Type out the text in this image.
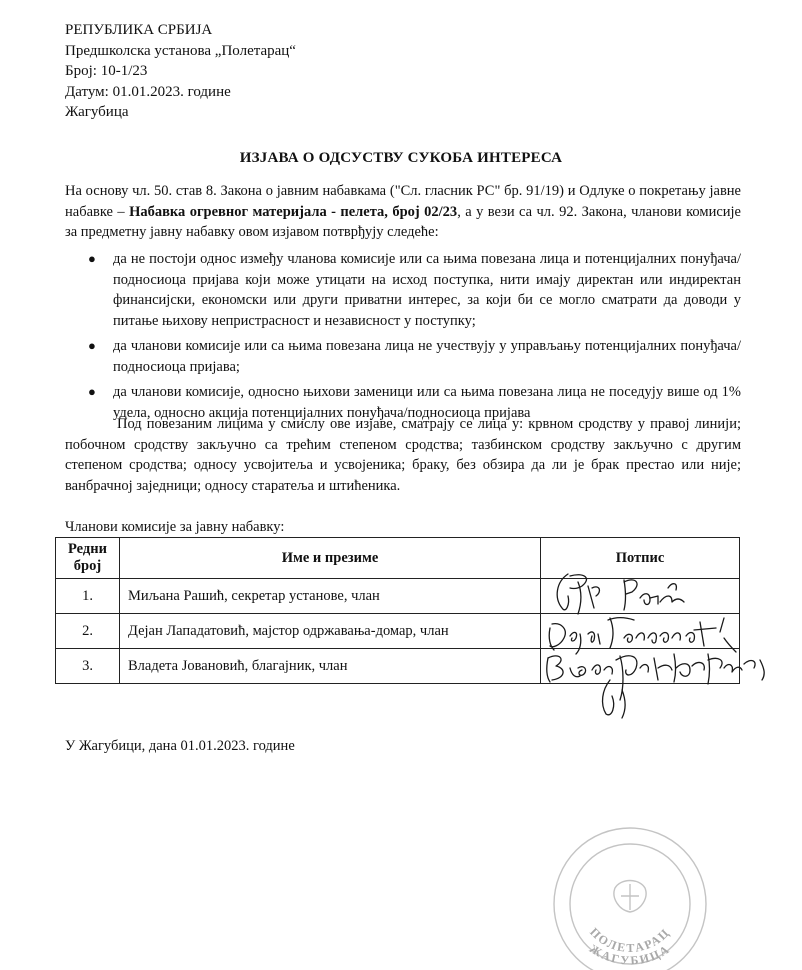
РЕПУБЛИКА СРБИЈА
Предшколска установа „Полетарац“
Број: 10-1/23
Датум: 01.01.2023. године
Жагубица
ИЗЈАВА О ОДСУСТВУ СУКОБА ИНТЕРЕСА
На основу чл. 50. став 8. Закона о јавним набавкама ("Сл. гласник РС" бр. 91/19) и Одлуке о покретању јавне набавке – Набавка огревног материјала - пелета, број 02/23, а у вези са чл. 92. Закона, чланови комисије за предметну јавну набавку овом изјавом потврђују следеће:
● да не постоји однос између чланова комисије или са њима повезана лица и потенцијалних понуђача/подносиоца пријава који може утицати на исход поступка, нити имају директан или индиректан финансијски, економски или други приватни интерес, за који би се могло сматрати да доводи у питање њихову непристрасност и независност у поступку;
● да чланови комисије или са њима повезана лица не учествују у управљању потенцијалних понуђача/подносиоца пријава;
● да чланови комисије, односно њихови заменици или са њима повезана лица не поседују више од 1% удела, односно акција потенцијалних понуђача/подносиоца пријава
Под повезаним лицима у смислу ове изјаве, сматрају се лица у: крвном сродству у правој линији; побочном сродству закључно са трећим степеном сродства; тазбинском сродству закључно с другим степеном сродства; односу усвојитеља и усвојеника; браку, без обзира да ли је брак престао или није; ванбрачној заједници; односу старатеља и штићеника.
Чланови комисије за јавну набавку:
Редни број	Име и презиме	Потпис
1.	Миљана Рашић, секретар установе, члан	
2.	Дејан Лападатовић, мајстор одржавања-домар, члан	
3.	Владета Јовановић, благајник, члан	
У Жагубици, дана 01.01.2023. године
ПОЛЕТАРАЦ
ЖАГУБИЦА
